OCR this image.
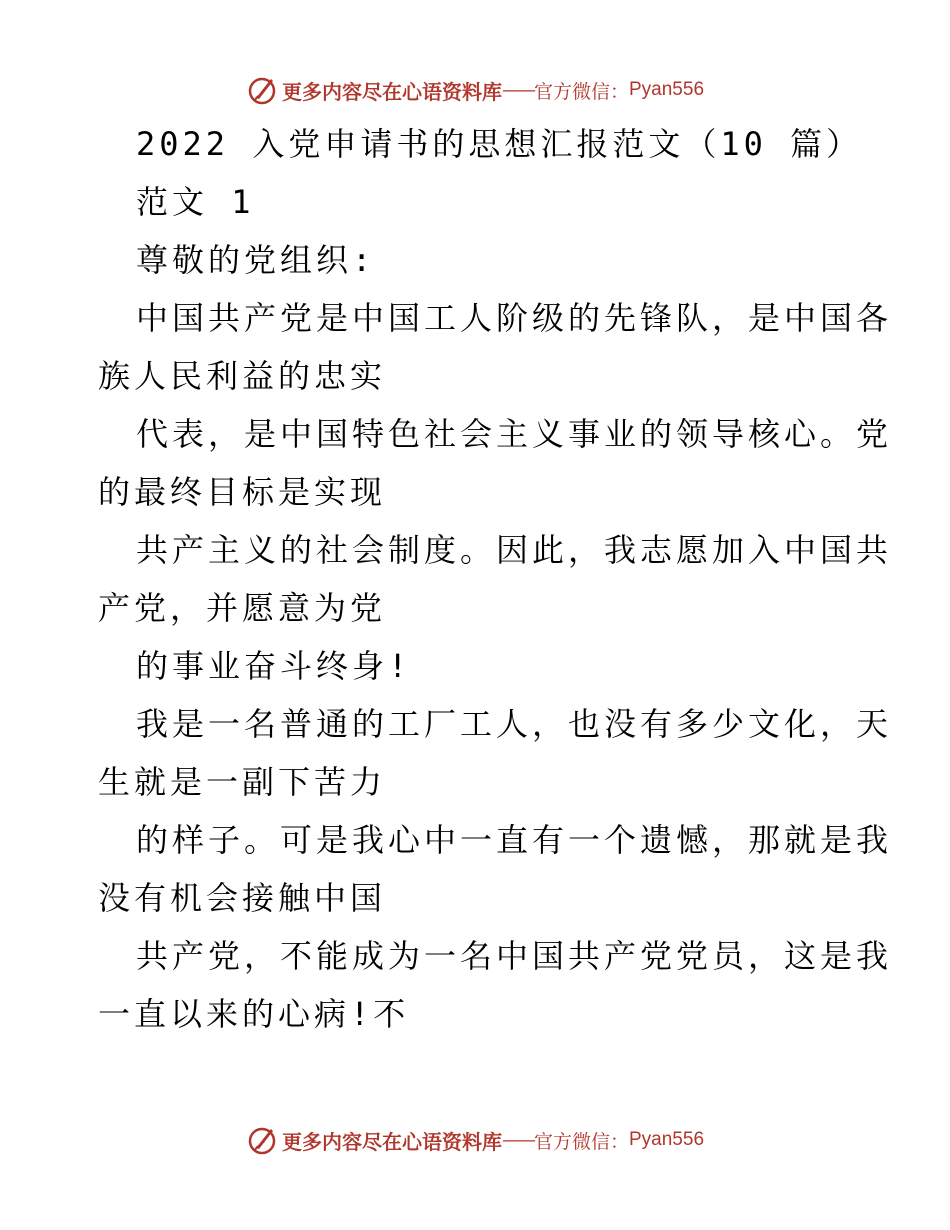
更多内容尽在心语资料库 —— 官方微信： Pyan556
2022 入党申请书的思想汇报范文（10 篇）
范文 1
尊敬的党组织:
中国共产党是中国工人阶级的先锋队，是中国各
族人民利益的忠实
代表，是中国特色社会主义事业的领导核心。党
的最终目标是实现
共产主义的社会制度。因此，我志愿加入中国共
产党，并愿意为党
的事业奋斗终身!
我是一名普通的工厂工人，也没有多少文化，天
生就是一副下苦力
的样子。可是我心中一直有一个遗憾，那就是我
没有机会接触中国
共产党，不能成为一名中国共产党党员，这是我
一直以来的心病!不
更多内容尽在心语资料库 —— 官方微信： Pyan556
